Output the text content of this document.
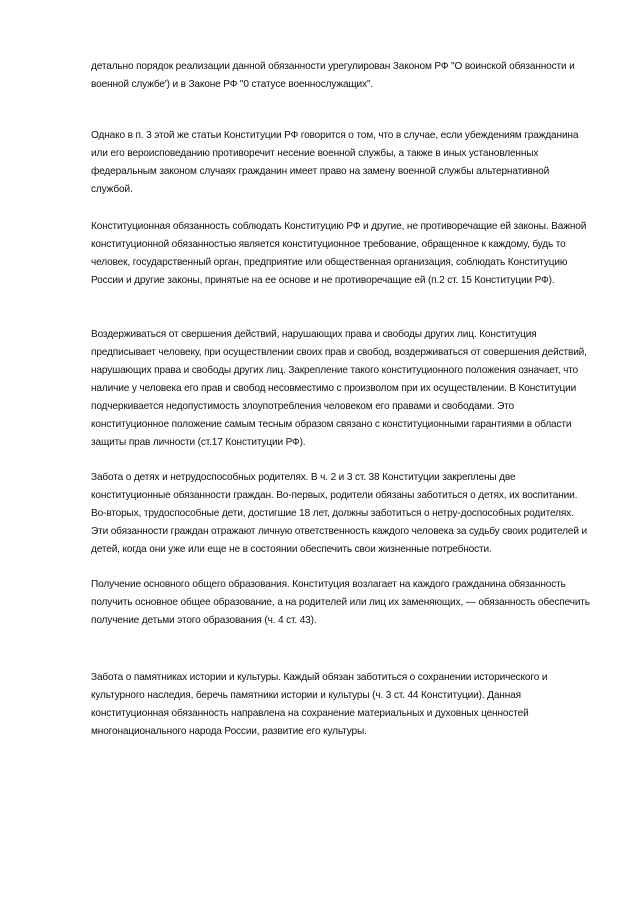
детально порядок реализации данной обязанности урегулирован Законом РФ "О воинской обязанности и военной службе') и в Законе РФ "0 статусе военнослужащих".

Однако в п. 3 этой же статьи Конституции РФ говорится о том, что в случае, если убеждениям гражданина или его вероисповеданию противоречит несение военной службы, а также в иных установленных федеральным законом случаях гражданин имеет право на замену военной службы альтернативной службой.

Конституционная обязанность соблюдать Конституцию РФ и другие, не противоречащие ей законы. Важной конституционной обязанностью является конституционное требование, обращенное к каждому, будь то человек, государственный орган, предприятие или общественная организация, соблюдать Конституцию России и другие законы, принятые на ее основе и не противоречащие ей (п.2 ст. 15 Конституции РФ).

Воздерживаться от свершения действий, нарушающих права и свободы других лиц. Конституция предписывает человеку, при осуществлении своих прав и свобод, воздерживаться от совершения действий, нарушающих права и свободы других лиц. Закрепление такого конституционного положения означает, что наличие у человека его прав и свобод несовместимо с произволом при их осуществлении. В Конституции подчеркивается недопустимость злоупотребления человеком его правами и свободами. Это конституционное положение самым тесным образом связано с конституционными гарантиями в области защиты прав личности (ст.17 Конституции РФ).

Забота о детях и нетрудоспособных родителях. В ч. 2 и 3 ст. 38 Конституции закреплены две конституционные обязанности граждан. Во-первых, родители обязаны заботиться о детях, их воспитании. Во-вторых, трудоспособные дети, достигшие 18 лет, должны заботиться о нетру-доспособных родителях. Эти обязанности граждан отражают личную ответственность каждого человека за судьбу своих родителей и детей, когда они уже или еще не в состоянии обеспечить свои жизненные потребности.

Получение основного общего образования. Конституция возлагает на каждого гражданина обязанность получить основное общее образование, а на родителей или лиц их заменяющих, — обязанность обеспечить получение детьми этого образования (ч. 4 ст. 43).

Забота о памятниках истории и культуры. Каждый обязан заботиться о сохранении исторического и культурного наследия, беречь памятники истории и культуры (ч. 3 ст. 44 Конституции). Данная конституционная обязанность направлена на сохранение материальных и духовных ценностей многонационального народа России, развитие его культуры.
